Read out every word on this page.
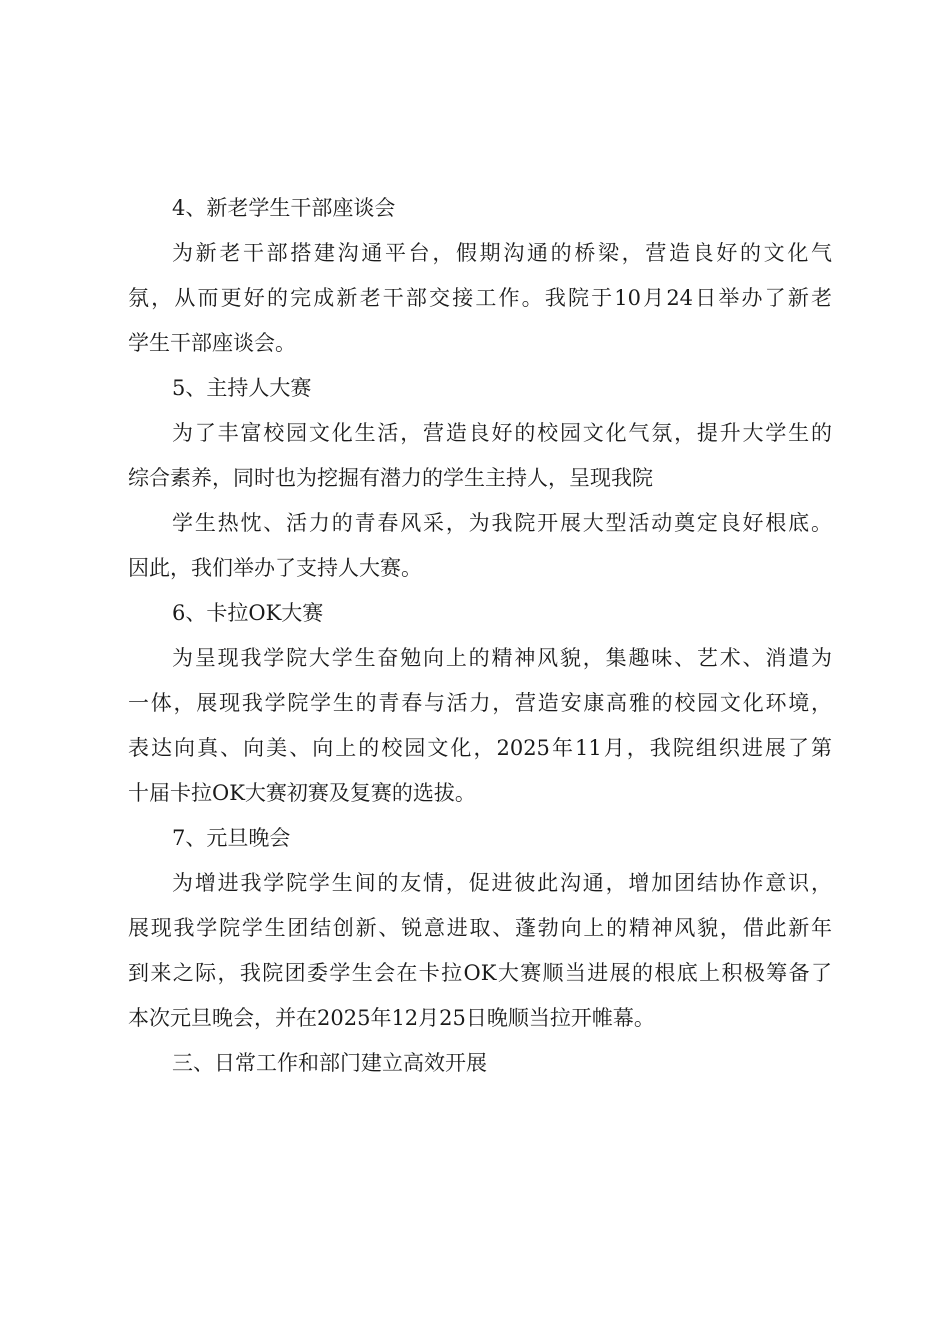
4、新老学生干部座谈会
为新老干部搭建沟通平台，假期沟通的桥梁，营造良好的文化气
氛，从而更好的完成新老干部交接工作。我院于10月24日举办了新老
学生干部座谈会。
5、主持人大赛
为了丰富校园文化生活，营造良好的校园文化气氛，提升大学生的
综合素养，同时也为挖掘有潜力的学生主持人，呈现我院
学生热忱、活力的青春风采，为我院开展大型活动奠定良好根底。
因此，我们举办了支持人大赛。
6、卡拉OK大赛
为呈现我学院大学生奋勉向上的精神风貌，集趣味、艺术、消遣为
一体，展现我学院学生的青春与活力，营造安康高雅的校园文化环境，
表达向真、向美、向上的校园文化，2025年11月，我院组织进展了第
十届卡拉OK大赛初赛及复赛的选拔。
7、元旦晚会
为增进我学院学生间的友情，促进彼此沟通，增加团结协作意识，
展现我学院学生团结创新、锐意进取、蓬勃向上的精神风貌，借此新年
到来之际，我院团委学生会在卡拉OK大赛顺当进展的根底上积极筹备了
本次元旦晚会，并在2025年12月25日晚顺当拉开帷幕。
三、日常工作和部门建立高效开展
